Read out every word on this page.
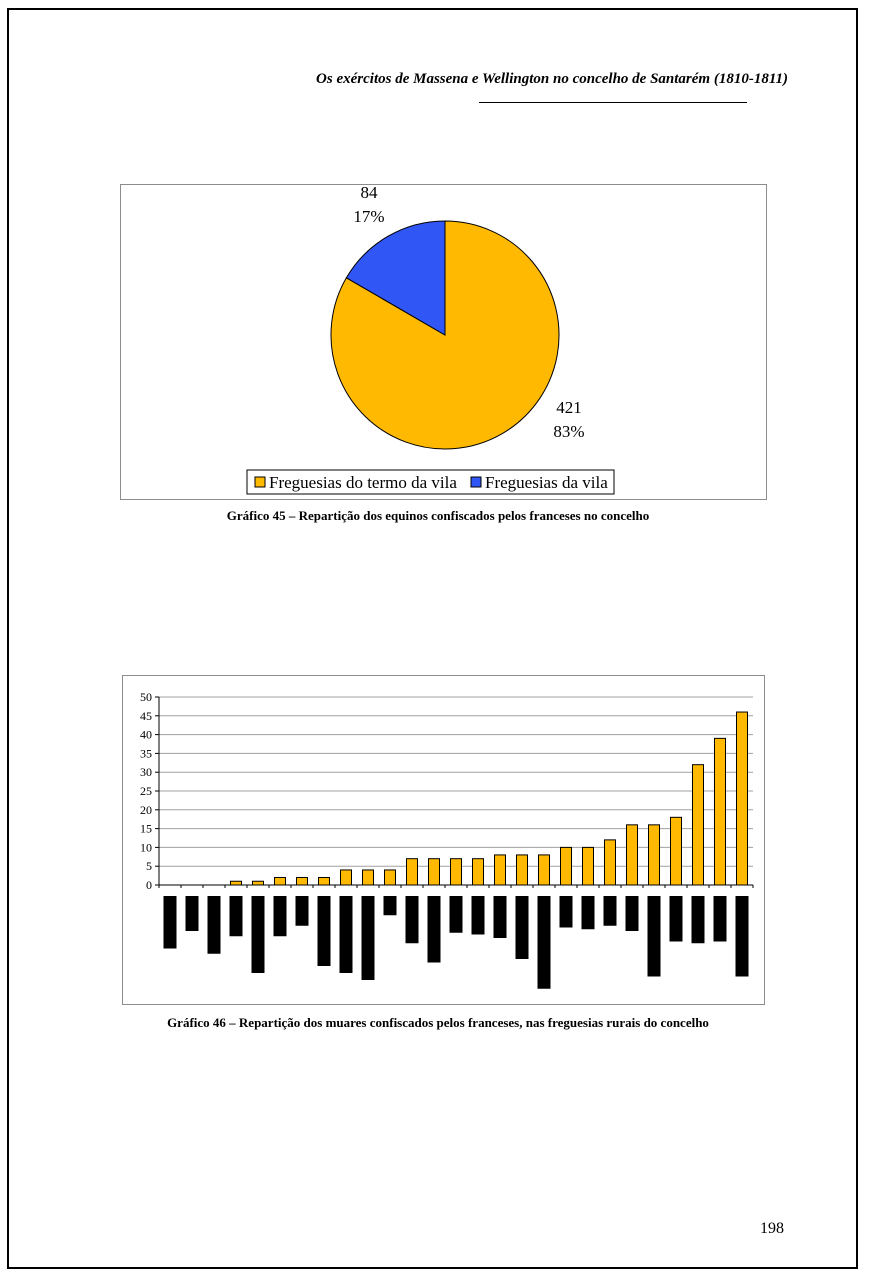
Os exércitos de Massena e Wellington no concelho de Santarém (1810-1811)
421
83%
84
17%
Freguesias do termo da vila Freguesias da vila
Gráfico 45 – Repartição dos equinos confiscados pelos franceses no concelho
0
5
10
15
20
25
30
35
40
45
50
Gráfico 46 – Repartição dos muares confiscados pelos franceses, nas freguesias rurais do concelho
198
